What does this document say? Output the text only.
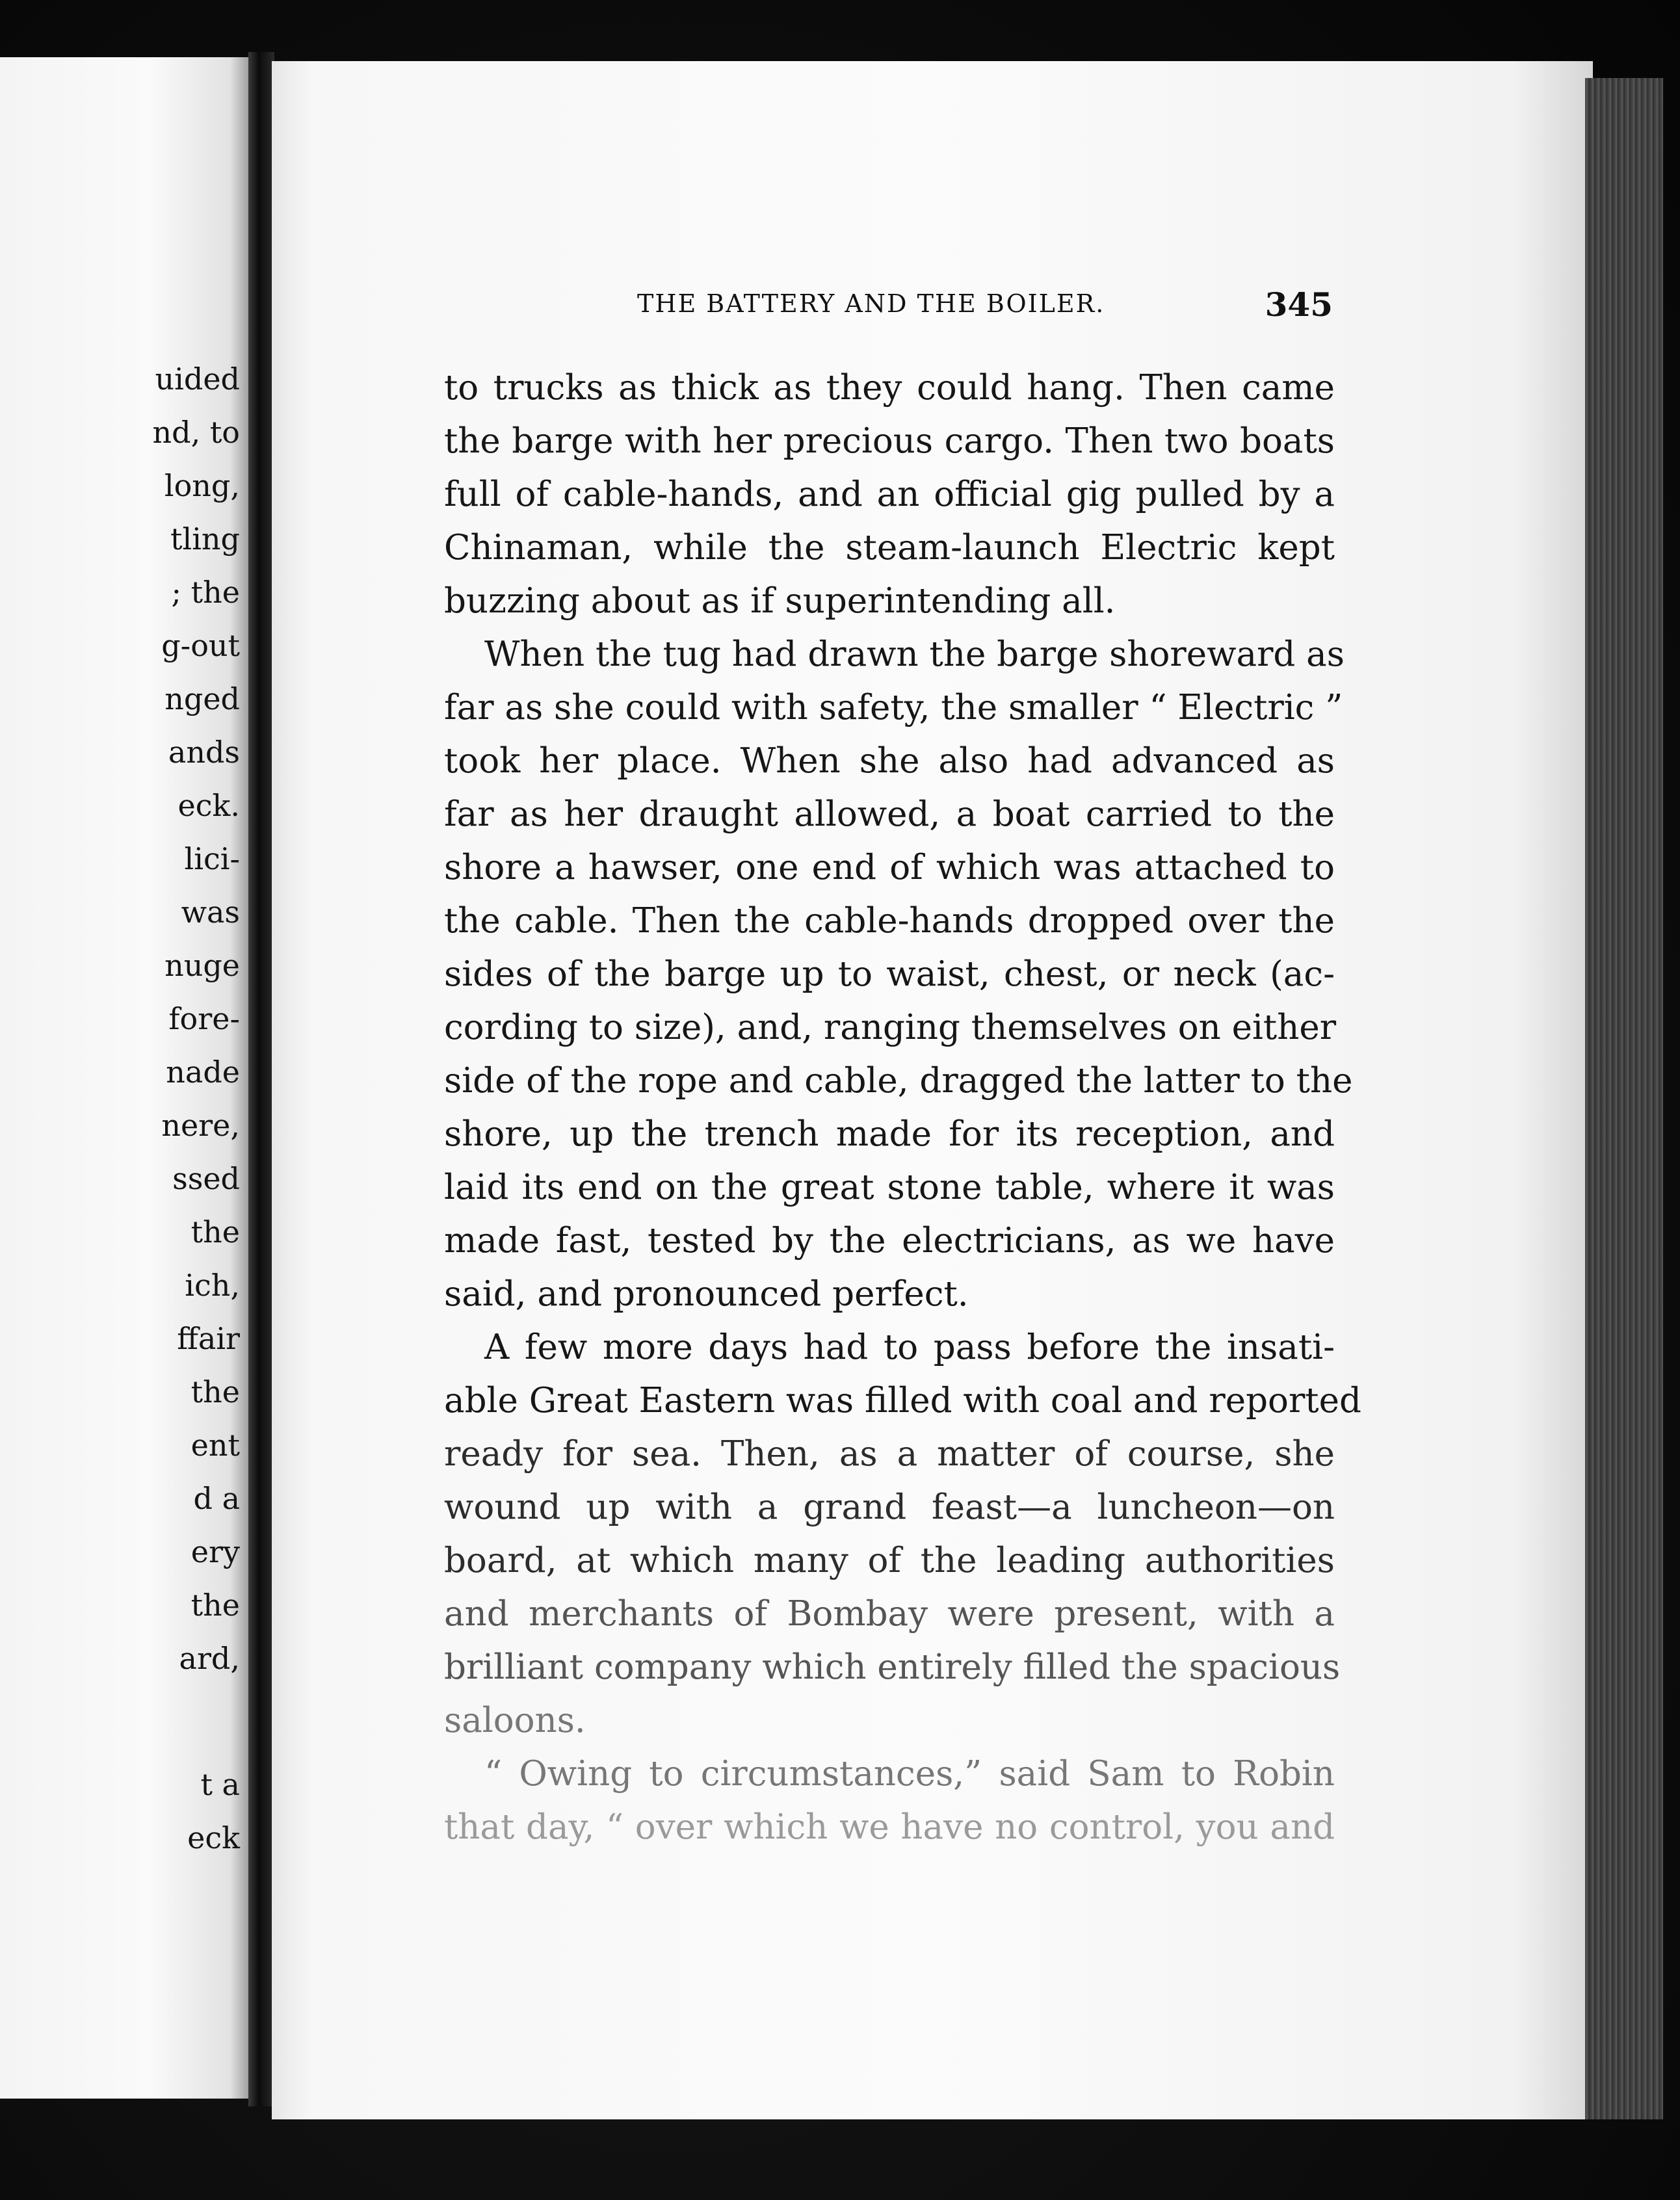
uided
nd, to
long,
tling
; the
g-out
nged
ands
eck.
lici-
was
nuge
fore-
nade
nere,
ssed
the
ich,
ffair
the
ent
d a
ery
the
ard,
t a
eck
THE BATTERY AND THE BOILER.	345
to trucks as thick as they could hang. Then came
the barge with her precious cargo. Then two boats
full of cable-hands, and an official gig pulled by a
Chinaman, while the steam-launch Electric kept
buzzing about as if superintending all.
When the tug had drawn the barge shoreward as
far as she could with safety, the smaller “ Electric ”
took her place. When she also had advanced as
far as her draught allowed, a boat carried to the
shore a hawser, one end of which was attached to
the cable. Then the cable-hands dropped over the
sides of the barge up to waist, chest, or neck (ac-
cording to size), and, ranging themselves on either
side of the rope and cable, dragged the latter to the
shore, up the trench made for its reception, and
laid its end on the great stone table, where it was
made fast, tested by the electricians, as we have
said, and pronounced perfect.
A few more days had to pass before the insati-
able Great Eastern was filled with coal and reported
ready for sea. Then, as a matter of course, she
wound up with a grand feast—a luncheon—on
board, at which many of the leading authorities
and merchants of Bombay were present, with a
brilliant company which entirely filled the spacious
saloons.
“ Owing to circumstances,” said Sam to Robin
that day, “ over which we have no control, you and
